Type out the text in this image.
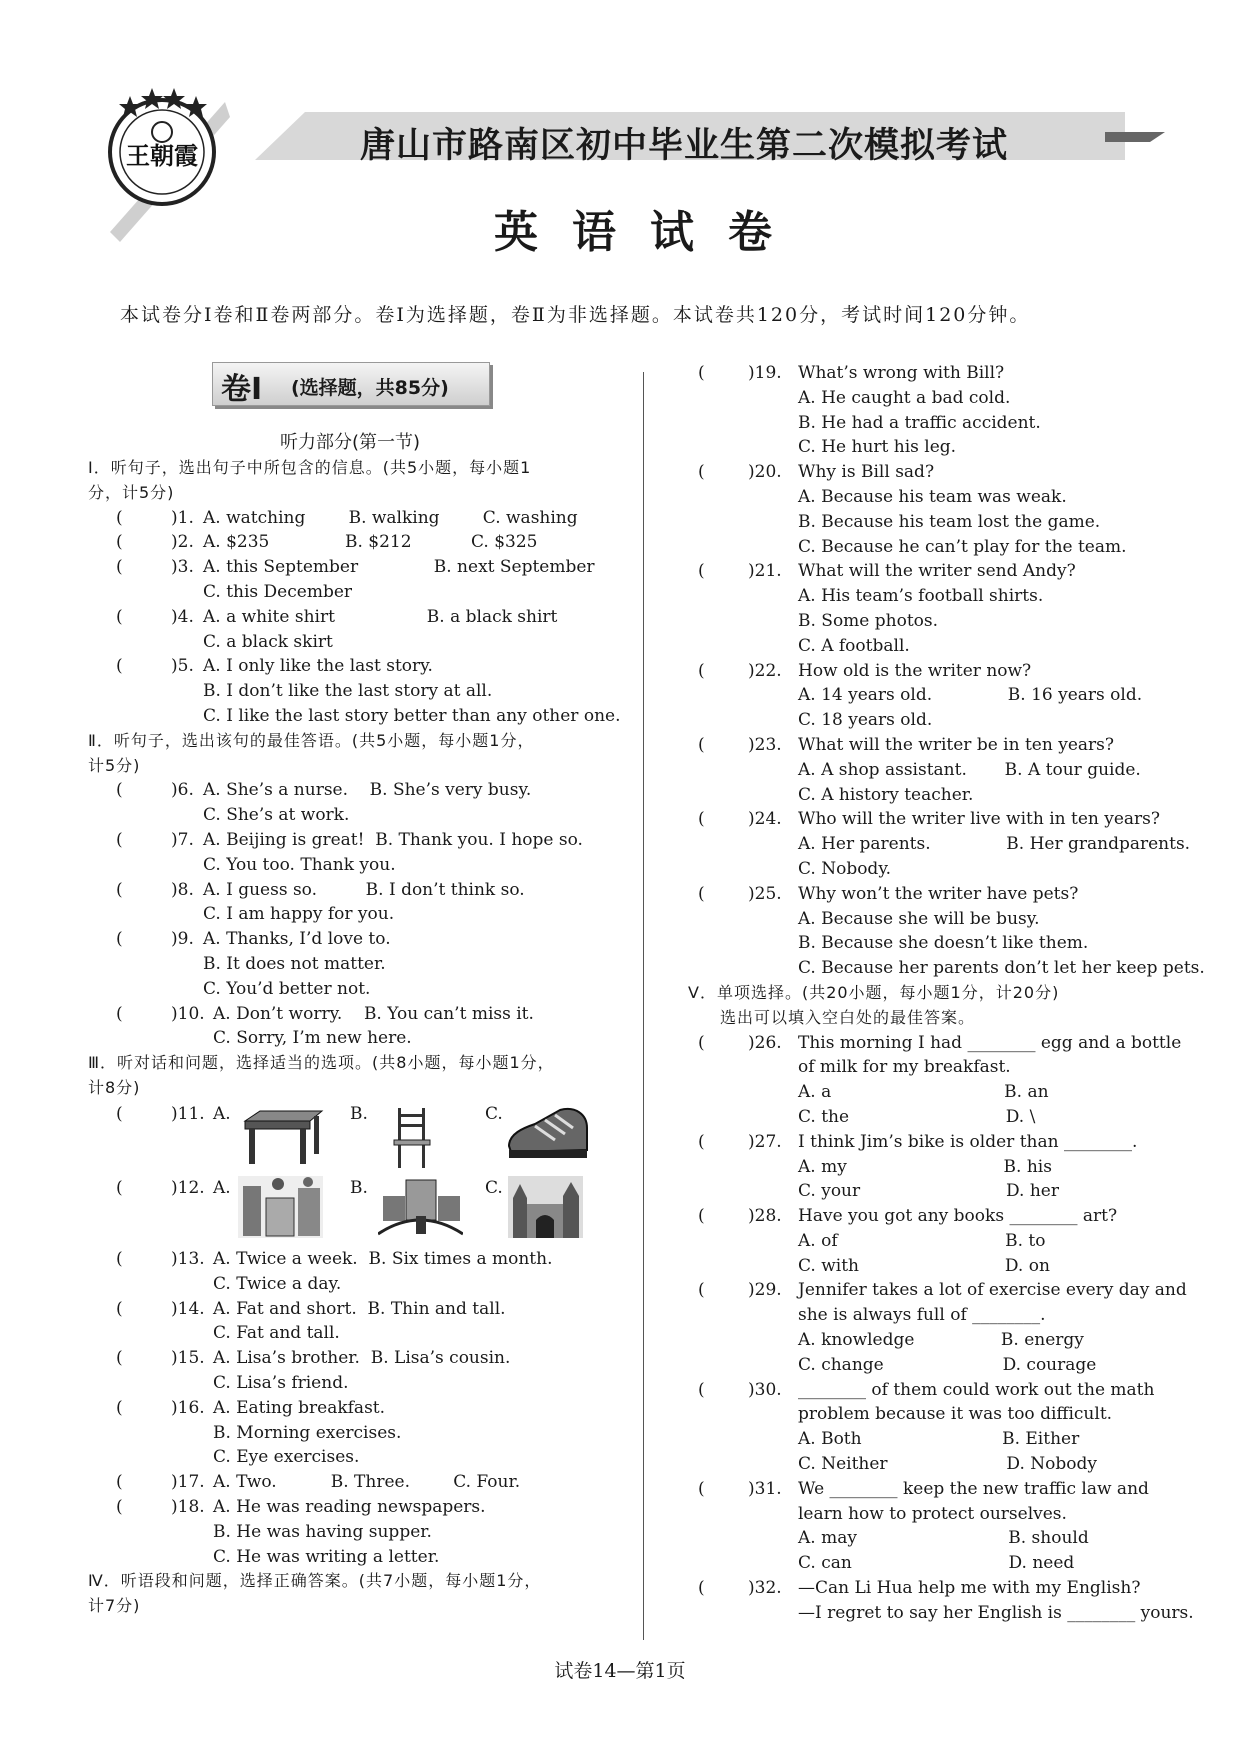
王朝霞	唐山市路南区初中毕业生第二次模拟考试
英语试卷
本试卷分Ⅰ卷和Ⅱ卷两部分。卷Ⅰ为选择题，卷Ⅱ为非选择题。本试卷共120分，考试时间120分钟。
卷Ⅰ (选择题，共85分)
听力部分(第一节)
Ⅰ．听句子，选出句子中所包含的信息。(共5小题，每小题1
分，计5分)
(	)1. A. watching        B. walking        C. washing
(	)2. A. $235              B. $212           C. $325
(	)3. A. this September              B. next September
C. this December
(	)4. A. a white shirt                 B. a black shirt
C. a black skirt
(	)5. A. I only like the last story.
B. I don’t like the last story at all.
C. I like the last story better than any other one.
Ⅱ．听句子，选出该句的最佳答语。(共5小题，每小题1分，
计5分)
(	)6. A. She’s a nurse.    B. She’s very busy.
C. She’s at work.
(	)7. A. Beijing is great!  B. Thank you. I hope so.
C. You too. Thank you.
(	)8. A. I guess so.         B. I don’t think so.
C. I am happy for you.
(	)9. A. Thanks, I’d love to.
B. It does not matter.
C. You’d better not.
(	)10. A. Don’t worry.    B. You can’t miss it.
C. Sorry, I’m new here.
Ⅲ．听对话和问题，选择适当的选项。(共8小题，每小题1分，
计8分)
(	)11. A.	B.	C.
(	)12. A.	B.	C.
(	)13. A. Twice a week.  B. Six times a month.
C. Twice a day.
(	)14. A. Fat and short.  B. Thin and tall.
C. Fat and tall.
(	)15. A. Lisa’s brother.  B. Lisa’s cousin.
C. Lisa’s friend.
(	)16. A. Eating breakfast.
B. Morning exercises.
C. Eye exercises.
(	)17. A. Two.          B. Three.        C. Four.
(	)18. A. He was reading newspapers.
B. He was having supper.
C. He was writing a letter.
Ⅳ．听语段和问题，选择正确答案。(共7小题，每小题1分，
计7分)
(	)19. What’s wrong with Bill?
A. He caught a bad cold.
B. He had a traffic accident.
C. He hurt his leg.
(	)20. Why is Bill sad?
A. Because his team was weak.
B. Because his team lost the game.
C. Because he can’t play for the team.
(	)21. What will the writer send Andy?
A. His team’s football shirts.
B. Some photos.
C. A football.
(	)22. How old is the writer now?
A. 14 years old.              B. 16 years old.
C. 18 years old.
(	)23. What will the writer be in ten years?
A. A shop assistant.       B. A tour guide.
C. A history teacher.
(	)24. Who will the writer live with in ten years?
A. Her parents.              B. Her grandparents.
C. Nobody.
(	)25. Why won’t the writer have pets?
A. Because she will be busy.
B. Because she doesn’t like them.
C. Because her parents don’t let her keep pets.
Ⅴ．单项选择。(共20小题，每小题1分，计20分)
选出可以填入空白处的最佳答案。
(	)26. This morning I had ________ egg and a bottle
of milk for my breakfast.
A. a                                B. an
C. the                             D. \
(	)27. I think Jim’s bike is older than ________.
A. my                             B. his
C. your                           D. her
(	)28. Have you got any books ________ art?
A. of                               B. to
C. with                           D. on
(	)29. Jennifer takes a lot of exercise every day and
she is always full of ________.
A. knowledge                B. energy
C. change                      D. courage
(	)30. ________ of them could work out the math
problem because it was too difficult.
A. Both                          B. Either
C. Neither                      D. Nobody
(	)31. We ________ keep the new traffic law and
learn how to protect ourselves.
A. may                            B. should
C. can                             D. need
(	)32. —Can Li Hua help me with my English?
—I regret to say her English is ________ yours.
试卷14—第1页
